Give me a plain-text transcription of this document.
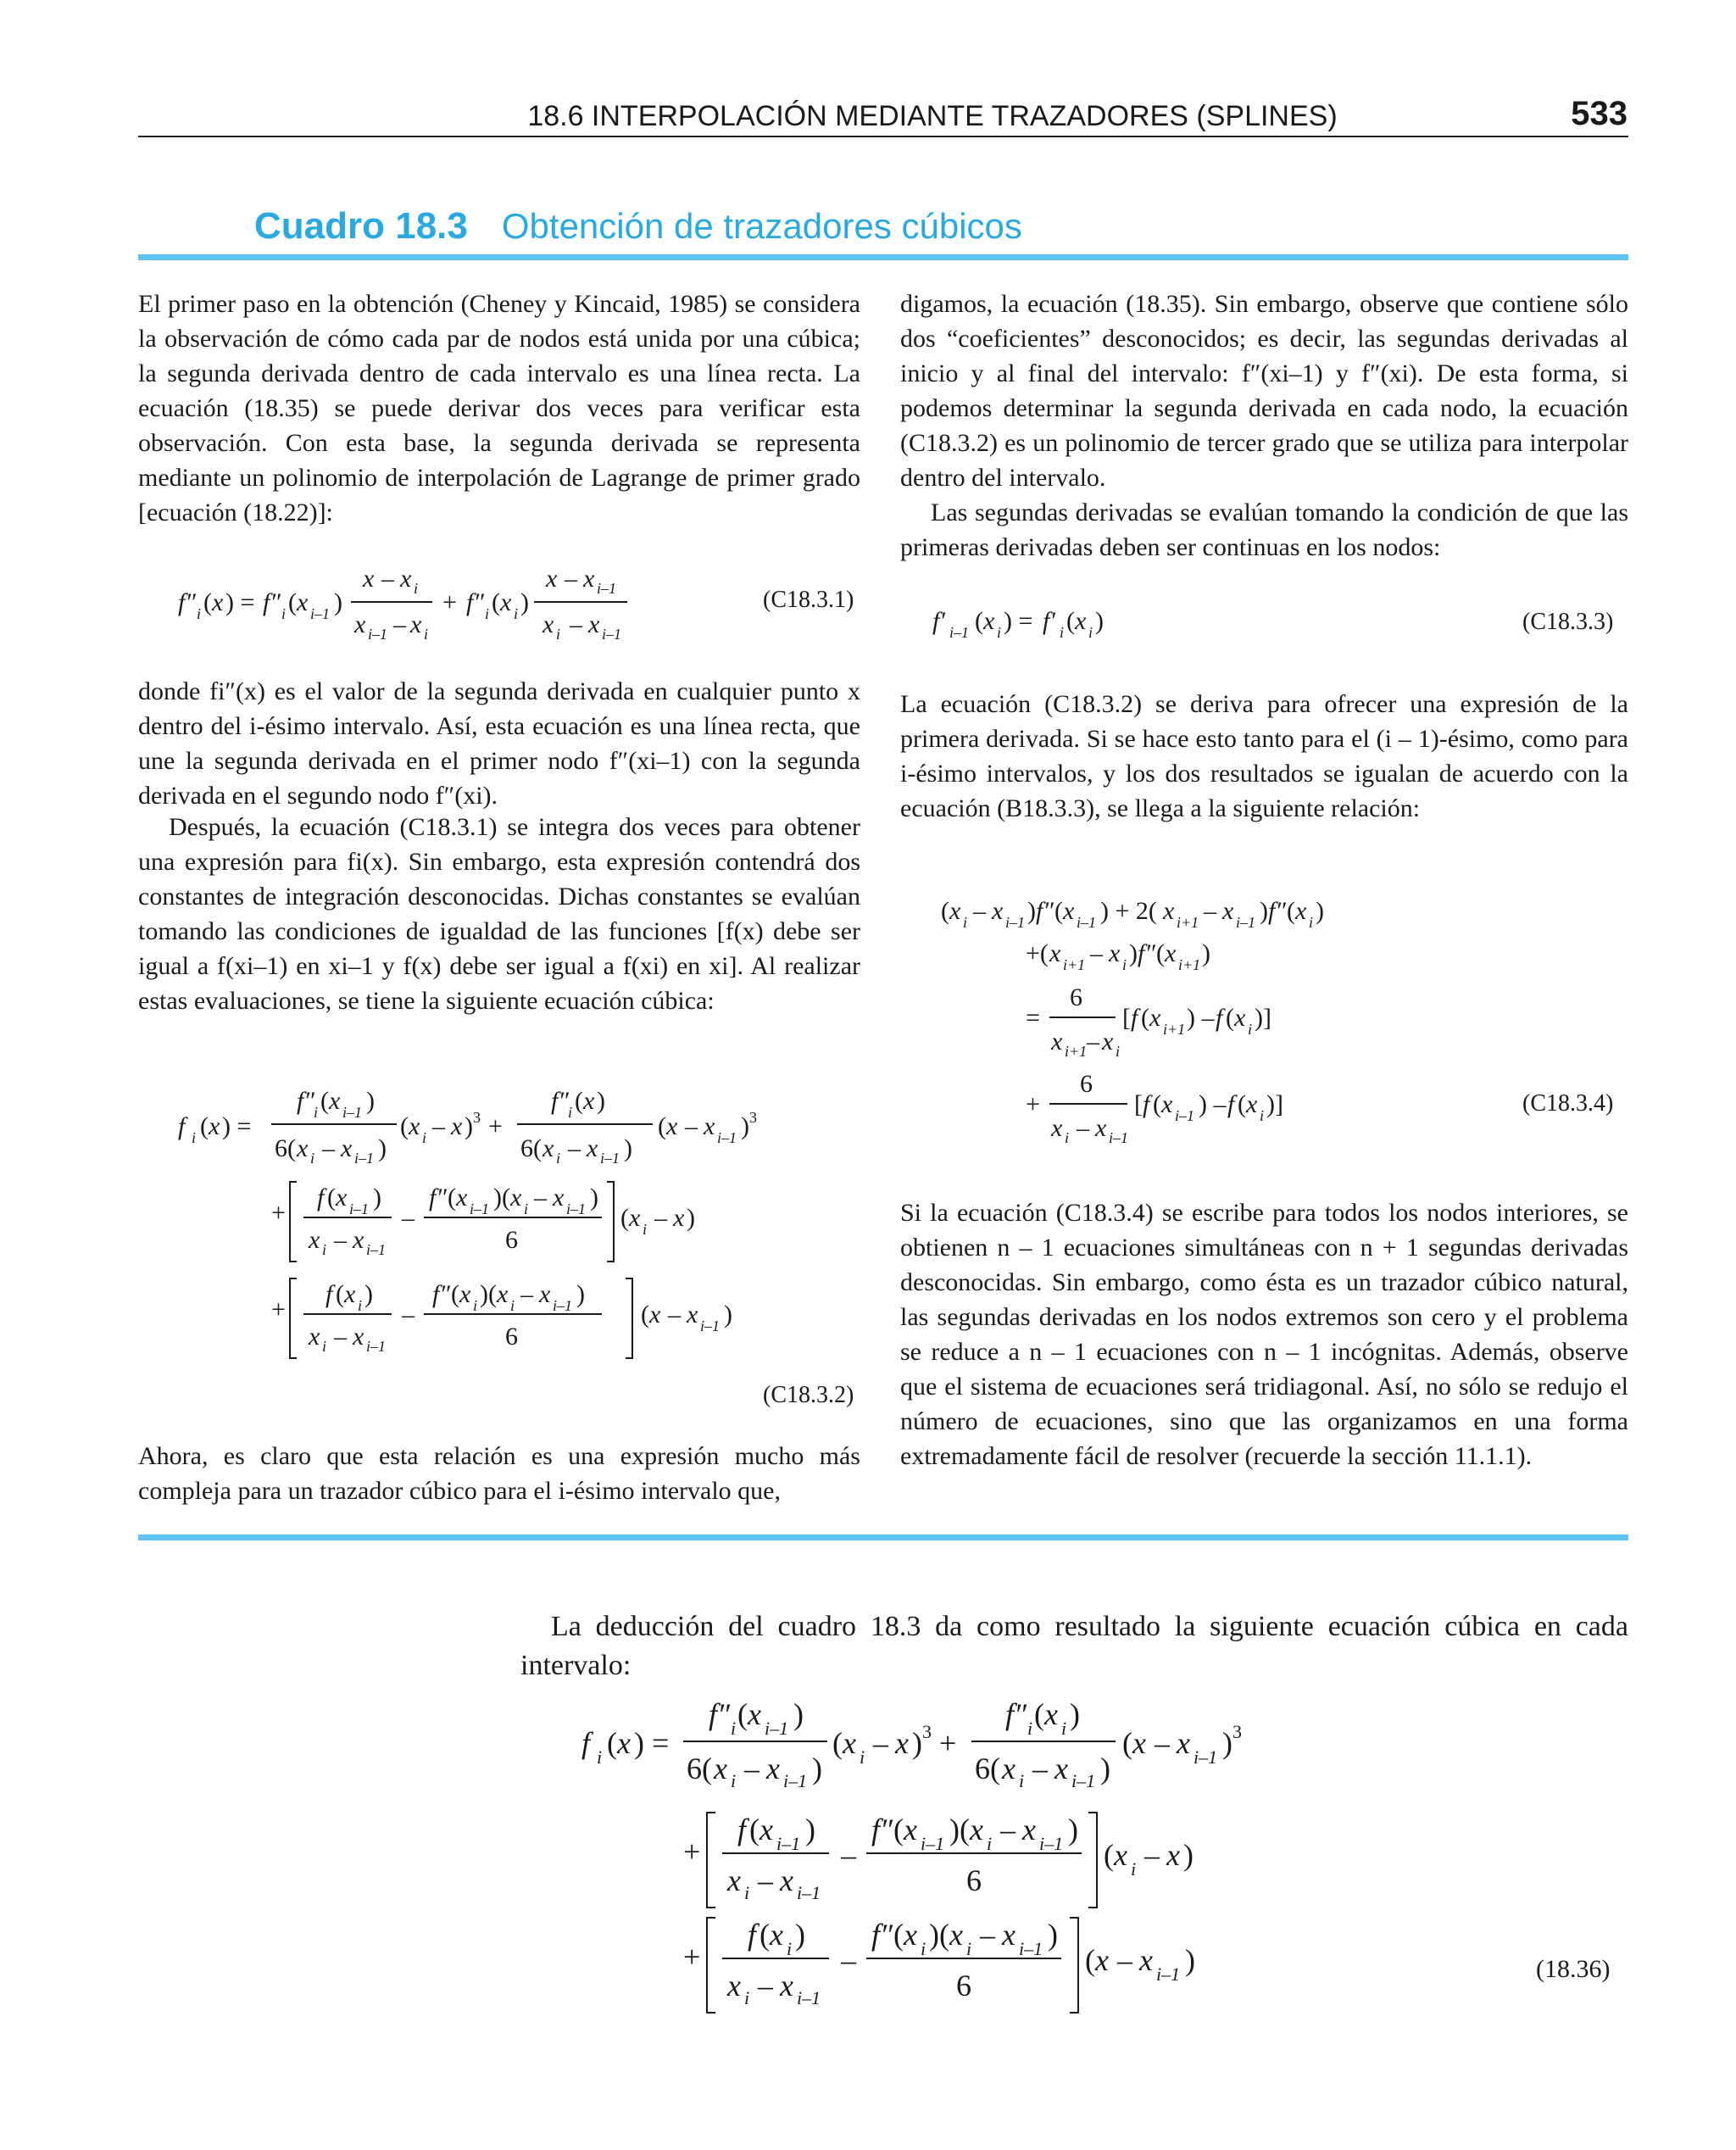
18.6 INTERPOLACIÓN MEDIANTE TRAZADORES (SPLINES)	533
Cuadro 18.3 Obtención de trazadores cúbicos

El primer paso en la obtención (Cheney y Kincaid, 1985) se considera la observación de cómo cada par de nodos está unida por una cúbica; la segunda derivada dentro de cada intervalo es una línea recta. La ecuación (18.35) se puede derivar dos veces para verificar esta observación. Con esta base, la segunda derivada se representa mediante un polinomio de interpolación de Lagrange de primer grado [ecuación (18.22)]:

f″ i ( x ) = f″ i ( x i–1 )
x – x i
x i–1 – x i
+ f″ i ( x i )
x – x i–1
x i – x i–1
(C18.3.1)

donde fi″(x) es el valor de la segunda derivada en cualquier punto x dentro del i-ésimo intervalo. Así, esta ecuación es una línea recta, que une la segunda derivada en el primer nodo f″(xi–1) con la segunda derivada en el segundo nodo f″(xi).

Después, la ecuación (C18.3.1) se integra dos veces para obtener una expresión para fi(x). Sin embargo, esta expresión contendrá dos constantes de integración desconocidas. Dichas constantes se evalúan tomando las condiciones de igualdad de las funciones [f(x) debe ser igual a f(xi–1) en xi–1 y f(x) debe ser igual a f(xi) en xi]. Al realizar estas evaluaciones, se tiene la siguiente ecuación cúbica:

f i ( x ) =
f″ i ( x i–1 )
6( x i – x i–1 )
( x i – x ) 3 +
f″ i ( x )
6( x i – x i–1 )
( x – x i–1 ) 3
+
f ( x i–1 )
x i – x i–1
–
f″ ( x i–1 )( x i – x i–1 )
6
( x i – x )
+
f ( x i )
x i – x i–1
–
f″ ( x i )( x i – x i–1 )
6
( x – x i–1 )
(C18.3.2)

Ahora, es claro que esta relación es una expresión mucho más compleja para un trazador cúbico para el i-ésimo intervalo que,

digamos, la ecuación (18.35). Sin embargo, observe que contiene sólo dos “coeficientes” desconocidos; es decir, las segundas derivadas al inicio y al final del intervalo: f″(xi–1) y f″(xi). De esta forma, si podemos determinar la segunda derivada en cada nodo, la ecuación (C18.3.2) es un polinomio de tercer grado que se utiliza para interpolar dentro del intervalo.

Las segundas derivadas se evalúan tomando la condición de que las primeras derivadas deben ser continuas en los nodos:

f′ i–1 ( x i ) = f′ i ( x i )	(C18.3.3)

La ecuación (C18.3.2) se deriva para ofrecer una expresión de la primera derivada. Si se hace esto tanto para el (i – 1)-ésimo, como para i-ésimo intervalos, y los dos resultados se igualan de acuerdo con la ecuación (B18.3.3), se llega a la siguiente relación:

( x i – x i–1 ) f″ ( x i–1 ) + 2( x i+1 – x i–1 ) f″ ( x i )
+( x i+1 – x i ) f″ ( x i+1 )
=
6
x i+1 – x i
[ f ( x i+1 ) – f ( x i )]
+
6
x i – x i–1
[ f ( x i–1 ) – f ( x i )]	(C18.3.4)

Si la ecuación (C18.3.4) se escribe para todos los nodos interiores, se obtienen n – 1 ecuaciones simultáneas con n + 1 segundas derivadas desconocidas. Sin embargo, como ésta es un trazador cúbico natural, las segundas derivadas en los nodos extremos son cero y el problema se reduce a n – 1 ecuaciones con n – 1 incógnitas. Además, observe que el sistema de ecuaciones será tridiagonal. Así, no sólo se redujo el número de ecuaciones, sino que las organizamos en una forma extremadamente fácil de resolver (recuerde la sección 11.1.1).

La deducción del cuadro 18.3 da como resultado la siguiente ecuación cúbica en cada intervalo:

f i ( x ) =
f″ i ( x i–1 )
6( x i – x i–1 )
( x i – x ) 3 +
f″ i ( x i )
6( x i – x i–1 )
( x – x i–1 ) 3
+
f ( x i–1 )
x i – x i–1
–
f″ ( x i–1 )( x i – x i–1 )
6
( x i – x )
+
f ( x i )
x i – x i–1
–
f″ ( x i )( x i – x i–1 )
6
( x – x i–1 )	(18.36)
